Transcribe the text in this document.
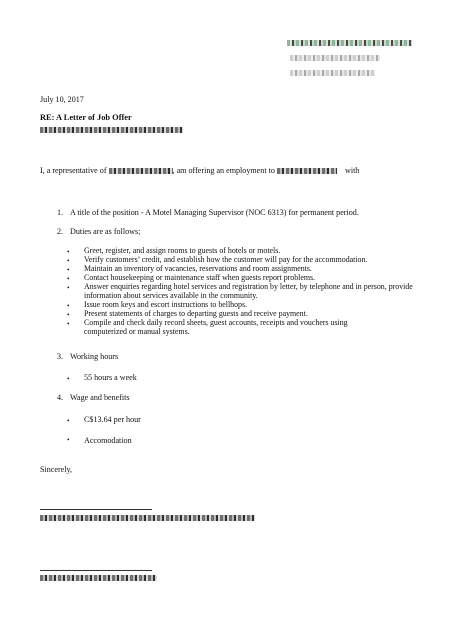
July 10, 2017
RE: A Letter of Job Offer
I, a representative of	, am offering an employment to	with
1. A title of the position - A Motel Managing Supervisor (NOC 6313) for permanent period.
2. Duties are as follows;
• Greet, register, and assign rooms to guests of hotels or motels.
• Verify customers’ credit, and establish how the customer will pay for the accommodation.
• Maintain an inventory of vacancies, reservations and room assignments.
• Contact housekeeping or maintenance staff when guests report problems.
• Answer enquiries regarding hotel services and registration by letter, by telephone and in person, provide information about services available in the community.
• Issue room keys and escort instructions to bellhops.
• Present statements of charges to departing guests and receive payment.
• Compile and check daily record sheets, guest accounts, receipts and vouchers using computerized or manual systems.
3. Working hours
• 55 hours a week
4. Wage and benefits
• C$13.64 per hour
• Accomodation
Sincerely,
